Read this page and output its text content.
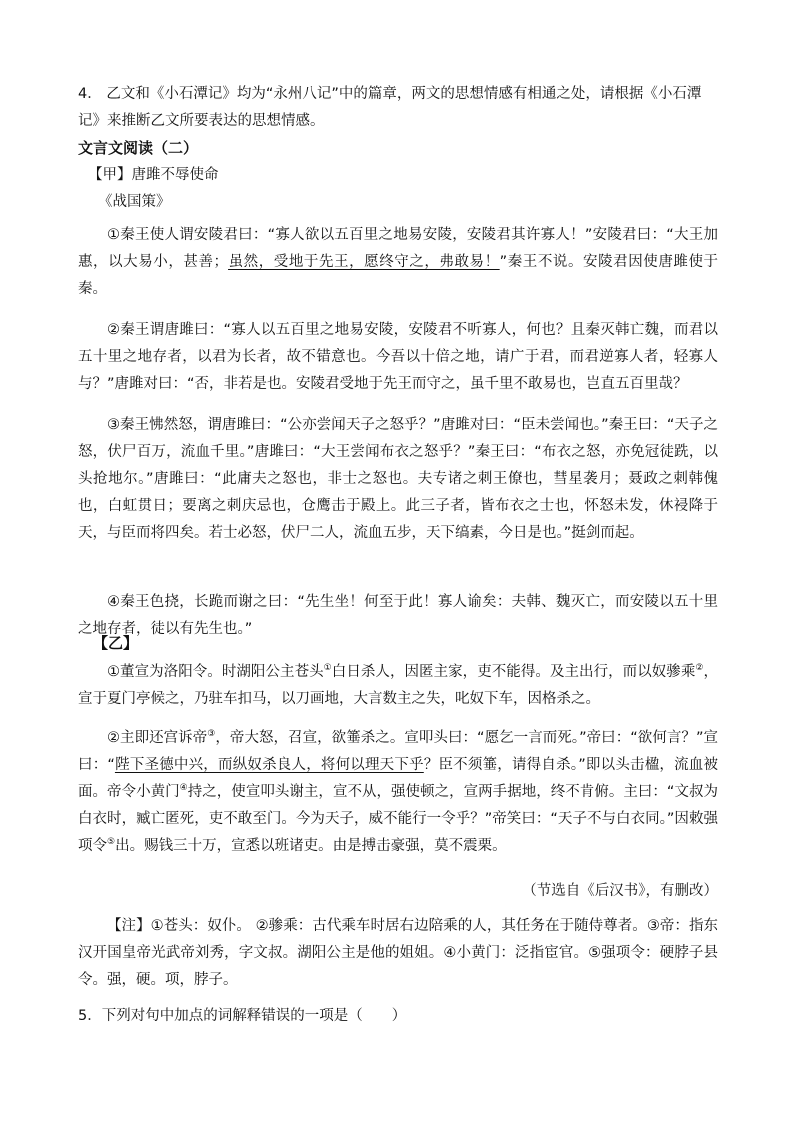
4． 乙文和《小石潭记》均为“永州八记”中的篇章，两文的思想情感有相通之处，请根据《小石潭
记》来推断乙文所要表达的思想情感。
文言文阅读（二）
【甲】唐雎不辱使命
《战国策》

①秦王使人谓安陵君曰：“寡人欲以五百里之地易安陵，安陵君其许寡人！”安陵君曰：“大王加惠，以大易小，甚善；虽然，受地于先王，愿终守之，弗敢易！”秦王不说。安陵君因使唐雎使于秦。

②秦王谓唐雎曰：“寡人以五百里之地易安陵，安陵君不听寡人，何也？且秦灭韩亡魏，而君以五十里之地存者，以君为长者，故不错意也。今吾以十倍之地，请广于君，而君逆寡人者，轻寡人与？”唐雎对曰：“否，非若是也。安陵君受地于先王而守之，虽千里不敢易也，岂直五百里哉？

③秦王怫然怒，谓唐雎曰：“公亦尝闻天子之怒乎？”唐雎对曰：“臣未尝闻也。”秦王曰：“天子之怒，伏尸百万，流血千里。”唐雎曰：“大王尝闻布衣之怒乎？”秦王曰：“布衣之怒，亦免冠徒跣，以头抢地尔。”唐雎曰：“此庸夫之怒也，非士之怒也。夫专诸之刺王僚也，彗星袭月；聂政之刺韩傀也，白虹贯日；要离之刺庆忌也，仓鹰击于殿上。此三子者，皆布衣之士也，怀怒未发，休祲降于天，与臣而将四矣。若士必怒，伏尸二人，流血五步，天下缟素，今日是也。”挺剑而起。

④秦王色挠，长跪而谢之曰：“先生坐！何至于此！寡人谕矣：夫韩、魏灭亡，而安陵以五十里之地存者，徒以有先生也。”

【乙】

①董宣为洛阳令。时湖阳公主苍头①白日杀人，因匿主家，吏不能得。及主出行，而以奴骖乘②，宣于夏门亭候之，乃驻车扣马，以刀画地，大言数主之失，叱奴下车，因格杀之。

②主即还宫诉帝③，帝大怒，召宣，欲箠杀之。宣叩头曰：“愿乞一言而死。”帝曰：“欲何言？”宣曰：“陛下圣德中兴，而纵奴杀良人，将何以理天下乎？臣不须箠，请得自杀。”即以头击楹，流血被面。帝令小黄门④持之，使宣叩头谢主，宣不从，强使顿之，宣两手据地，终不肯俯。主曰：“文叔为白衣时，臧亡匿死，吏不敢至门。今为天子，威不能行一令乎？”帝笑曰：“天子不与白衣同。”因敕强项令⑤出。赐钱三十万，宣悉以班诸吏。由是搏击豪强，莫不震栗。

（节选自《后汉书》，有删改）

【注】①苍头：奴仆。 ②骖乘：古代乘车时居右边陪乘的人，其任务在于随侍尊者。③帝：指东汉开国皇帝光武帝刘秀，字文叔。湖阳公主是他的姐姐。④小黄门：泛指宦官。⑤强项令：硬脖子县令。强，硬。项，脖子。

5．下列对句中加点的词解释错误的一项是（　　）
